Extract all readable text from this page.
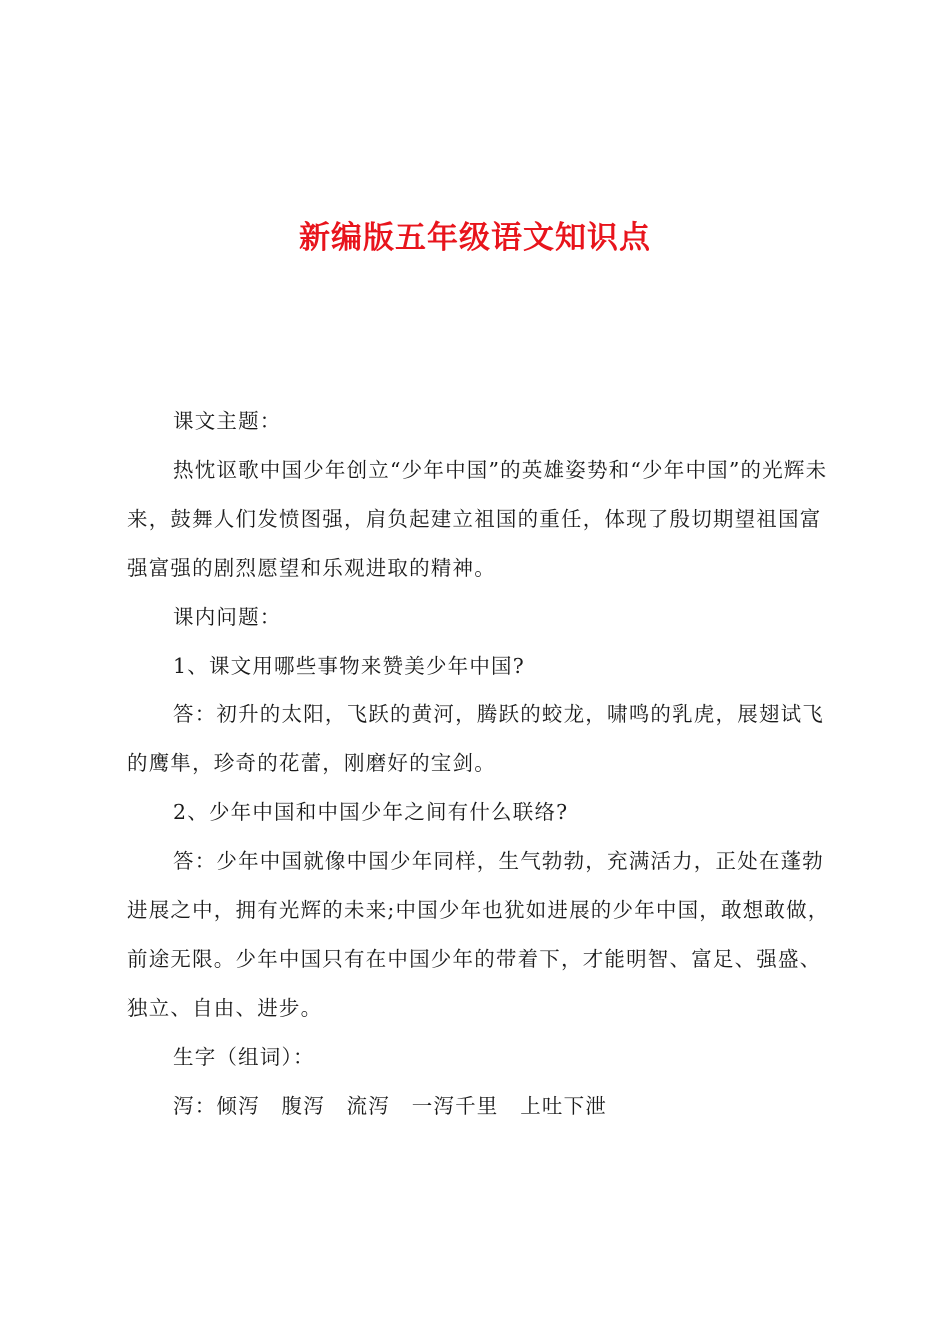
新编版五年级语文知识点

课文主题：

热忱讴歌中国少年创立“少年中国”的英雄姿势和“少年中国”的光辉未来，鼓舞人们发愤图强，肩负起建立祖国的重任，体现了殷切期望祖国富强富强的剧烈愿望和乐观进取的精神。

课内问题：

1、课文用哪些事物来赞美少年中国?

答：初升的太阳，飞跃的黄河，腾跃的蛟龙，啸鸣的乳虎，展翅试飞的鹰隼，珍奇的花蕾，刚磨好的宝剑。

2、少年中国和中国少年之间有什么联络?

答：少年中国就像中国少年同样，生气勃勃，充满活力，正处在蓬勃进展之中，拥有光辉的未来;中国少年也犹如进展的少年中国，敢想敢做，前途无限。少年中国只有在中国少年的带着下，才能明智、富足、强盛、独立、自由、进步。

生字（组词）：

泻：倾泻　腹泻　流泻　一泻千里　上吐下泄
